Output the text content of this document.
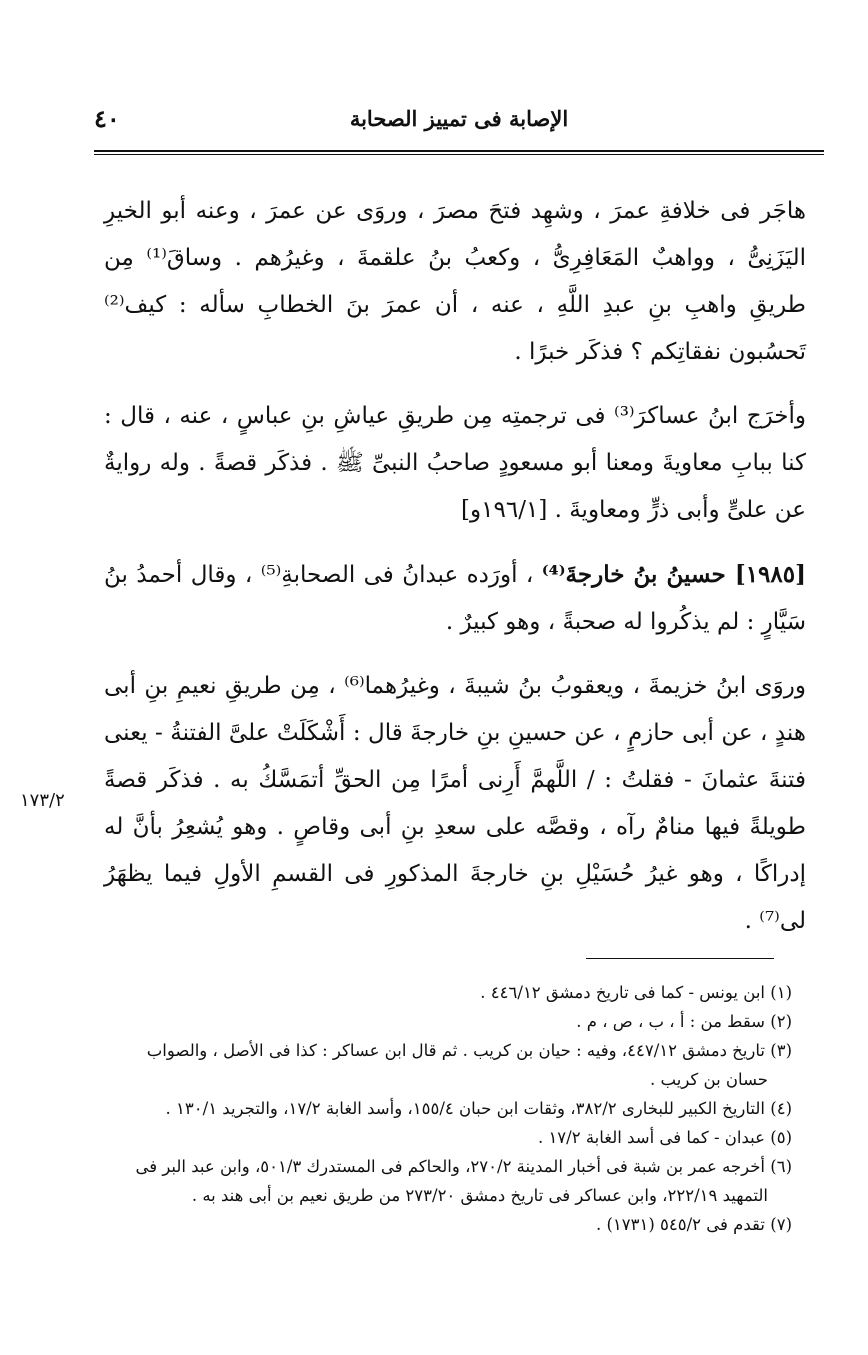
٤٠	الإصابة فى تمييز الصحابة

هاجَر فى خلافةِ عمرَ ، وشهِد فتحَ مصرَ ، وروَى عن عمرَ ، وعنه أبو الخيرِ اليَزَنِىُّ ، وواهبٌ المَعَافِرِىُّ ، وكعبُ بنُ علقمةَ ، وغيرُهم . وساقَ⁽¹⁾ مِن طريقِ واهبِ بنِ عبدِ اللَّهِ ، عنه ، أن عمرَ بنَ الخطابِ سأله : كيف⁽²⁾ تَحسُبون نفقاتِكم ؟ فذكَر خبرًا .

وأخرَج ابنُ عساكرَ⁽³⁾ فى ترجمتِه مِن طريقِ عياشِ بنِ عباسٍ ، عنه ، قال : كنا ببابِ معاويةَ ومعنا أبو مسعودٍ صاحبُ النبىِّ ﷺ . فذكَر قصةً . وله روايةٌ عن علىٍّ وأبى ذرٍّ ومعاويةَ . [١٩٦/١و]

[١٩٨٥] حسينُ بنُ خارجةَ⁽⁴⁾ ، أورَده عبدانُ فى الصحابةِ⁽⁵⁾ ، وقال أحمدُ بنُ سَيَّارٍ : لم يذكُروا له صحبةً ، وهو كبيرٌ .

وروَى ابنُ خزيمةَ ، ويعقوبُ بنُ شيبةَ ، وغيرُهما⁽⁶⁾ ، مِن طريقِ نعيمِ بنِ أبى هندٍ ، عن أبى حازمٍ ، عن حسينِ بنِ خارجةَ قال : أَشْكَلَتْ علىَّ الفتنةُ - يعنى فتنةَ عثمانَ - فقلتُ : / اللَّهمَّ أَرِنى أمرًا مِن الحقِّ أتمَسَّكُ به . فذكَر قصةً طويلةً فيها منامٌ رآه ، وقصَّه على سعدِ بنِ أبى وقاصٍ . وهو يُشعِرُ بأنَّ له إدراكًا ، وهو غيرُ حُسَيْلِ بنِ خارجةَ المذكورِ فى القسمِ الأولِ فيما يظهَرُ لى⁽⁷⁾ .

١٧٣/٢

(١) ابن يونس - كما فى تاريخ دمشق ٤٤٦/١٢ .

(٢) سقط من : أ ، ب ، ص ، م .

(٣) تاريخ دمشق ٤٤٧/١٢، وفيه : حيان بن كريب . ثم قال ابن عساكر : كذا فى الأصل ، والصواب

حسان بن كريب .

(٤) التاريخ الكبير للبخارى ٣٨٢/٢، وثقات ابن حبان ١٥٥/٤، وأسد الغابة ١٧/٢، والتجريد ١٣٠/١ .

(٥) عبدان - كما فى أسد الغابة ١٧/٢ .

(٦) أخرجه عمر بن شبة فى أخبار المدينة ٢٧٠/٢، والحاكم فى المستدرك ٥٠١/٣، وابن عبد البر فى

التمهيد ٢٢٢/١٩، وابن عساكر فى تاريخ دمشق ٢٧٣/٢٠ من طريق نعيم بن أبى هند به .

(٧) تقدم فى ٥٤٥/٢ (١٧٣١) .
